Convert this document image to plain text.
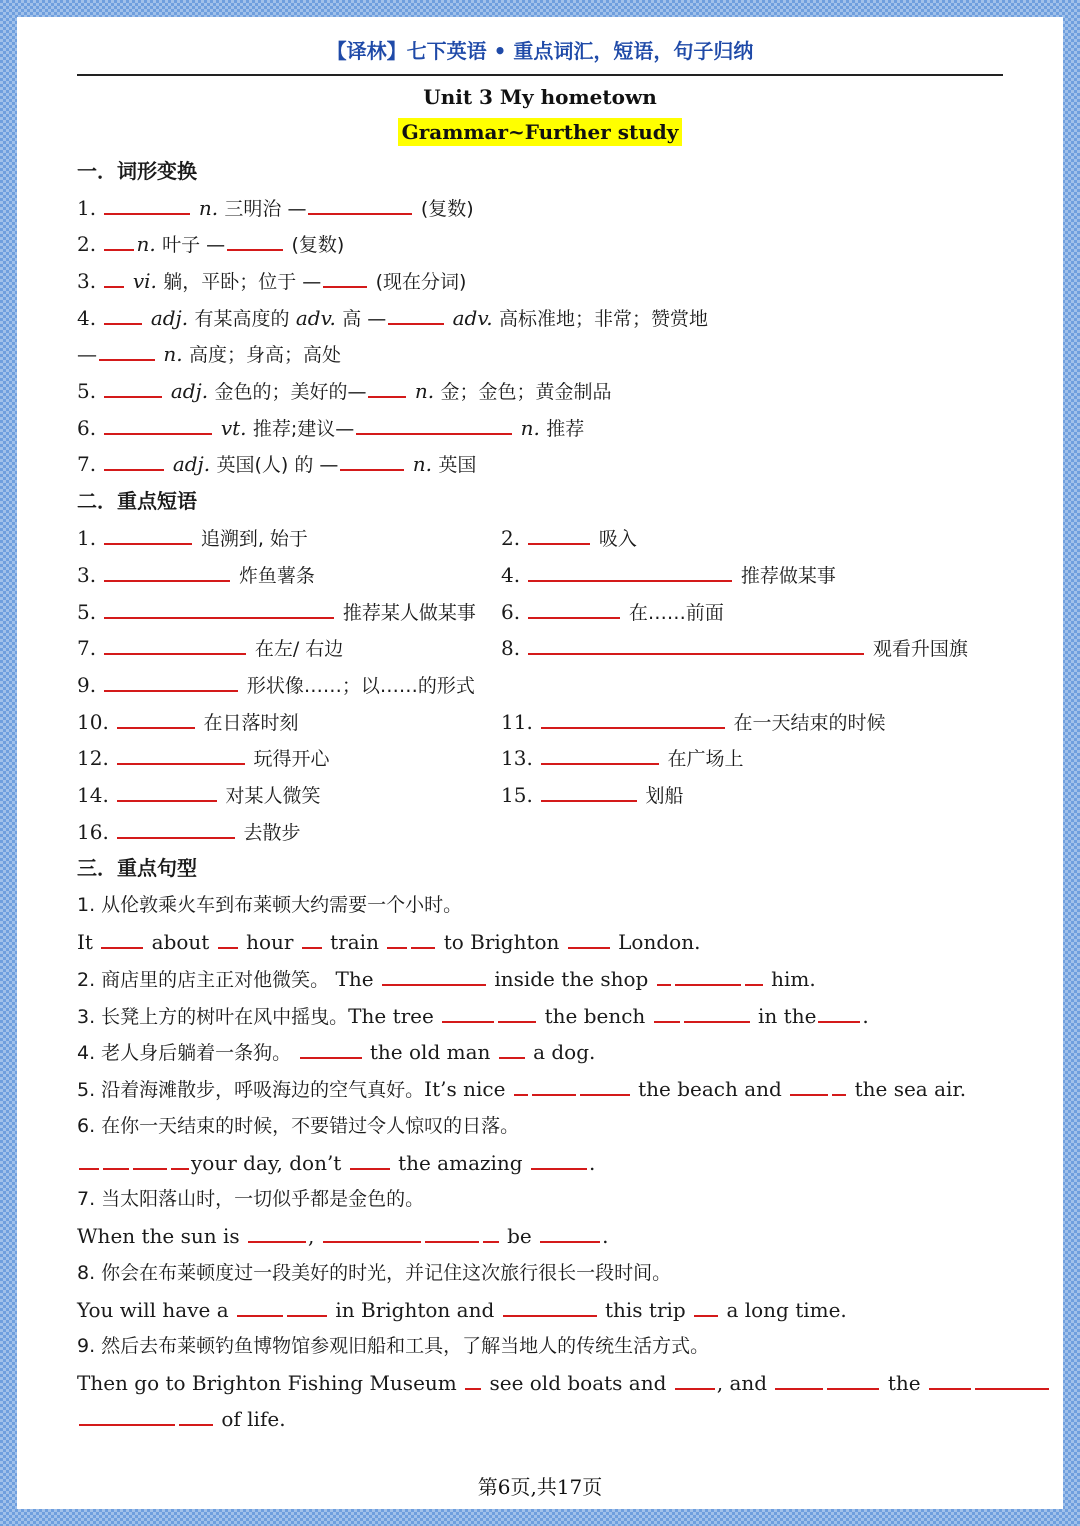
【译林】七下英语 • 重点词汇，短语，句子归纳
Unit 3 My hometown
Grammar~Further study
一．词形变换
1.	n. 三明治 —	(复数)
2. n. 叶子 —	(复数)
3. vi. 躺，平卧；位于 —	(现在分词)
4.	adj. 有某高度的 adv. 高 —	adv. 高标准地；非常；赞赏地
—	n. 高度；身高；高处
5.	adj. 金色的；美好的— n. 金；金色；黄金制品
6.	vt. 推荐;建议—	n. 推荐
7.	adj. 英国(人) 的 —	n. 英国
二．重点短语
1.	追溯到, 始于	2.	吸入
3.	炸鱼薯条	4.	推荐做某事
5.	推荐某人做某事 6.	在……前面
7.	在左/ 右边	8.	观看升国旗
9.	形状像……；以……的形式
10.	在日落时刻	11.	在一天结束的时候
12.	玩得开心	13.	在广场上
14.	对某人微笑	15.	划船
16.	去散步
三．重点句型
1. 从伦敦乘火车到布莱顿大约需要一个小时。
It	about hour train	to Brighton	London.
2. 商店里的店主正对他微笑。 The	inside the shop	him.
3. 长凳上方的树叶在风中摇曳。The tree	the bench	in the .
4. 老人身后躺着一条狗。	the old man a dog.
5. 沿着海滩散步，呼吸海边的空气真好。It’s nice	the beach and	the sea air.
6. 在你一天结束的时候，不要错过令人惊叹的日落。
your day, don’t	the amazing	.
7. 当太阳落山时，一切似乎都是金色的。
When the sun is	,	be	.
8. 你会在布莱顿度过一段美好的时光，并记住这次旅行很长一段时间。
You will have a	in Brighton and	this trip a long time.
9. 然后去布莱顿钓鱼博物馆参观旧船和工具，了解当地人的传统生活方式。
Then go to Brighton Fishing Museum see old boats and	, and	the
of life.
第6页,共17页
